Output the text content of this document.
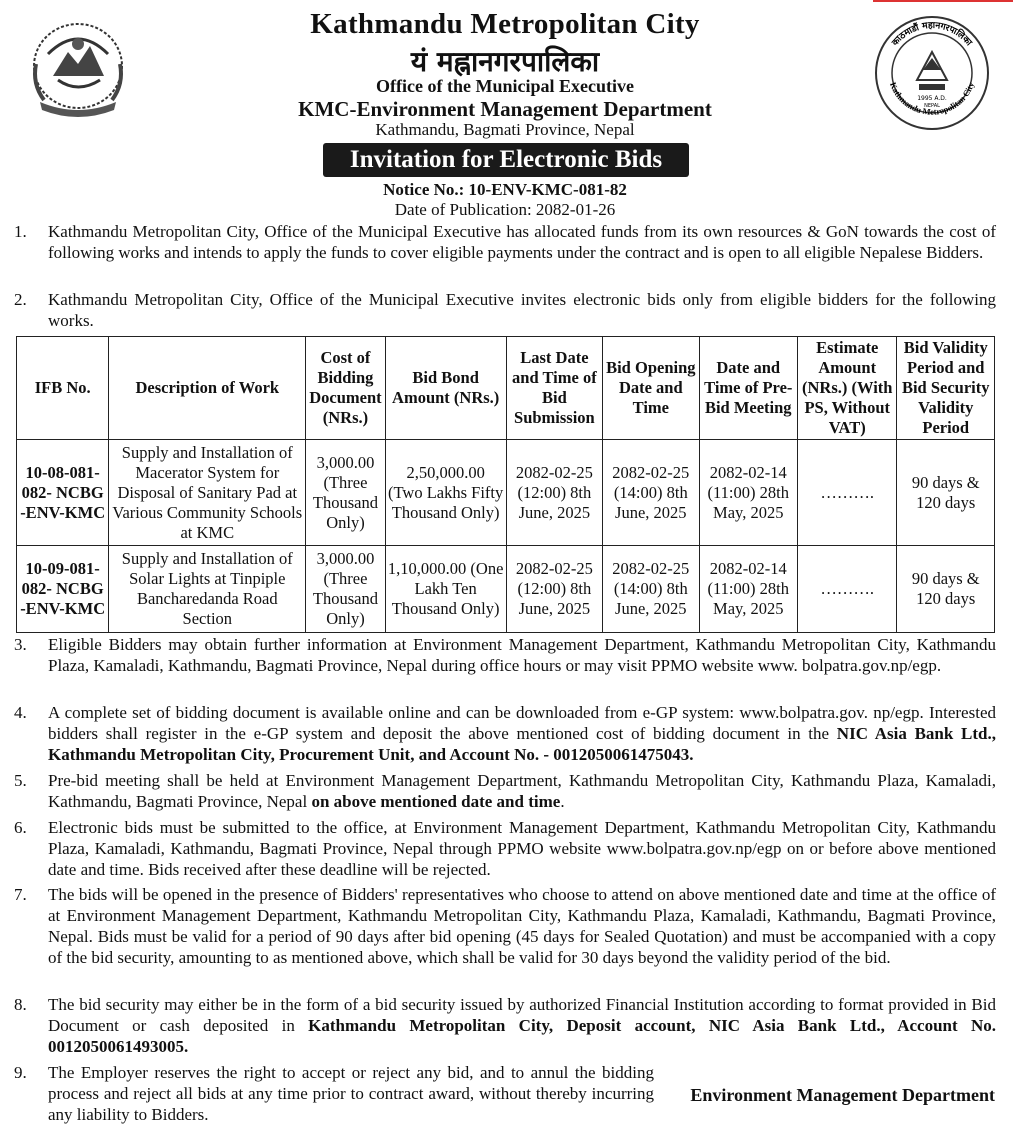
1995 A.D.
NEPAL
काठमाडौं महानगरपालिका
Kathmandu Metropolitan City
Kathmandu Metropolitan City
यं मह्नानगरपालिका
Office of the Municipal Executive
KMC-Environment Management Department
Kathmandu, Bagmati Province, Nepal
Invitation for Electronic Bids
Notice No.: 10-ENV-KMC-081-82
Date of Publication: 2082-01-26
1. Kathmandu Metropolitan City, Office of the Municipal Executive has allocated funds from its own resources & GoN towards the cost of following works and intends to apply the funds to cover eligible payments under the contract and is open to all eligible Nepalese Bidders.
2. Kathmandu Metropolitan City, Office of the Municipal Executive invites electronic bids only from eligible bidders for the following works.
IFB No.	Description of Work	Cost of Bidding Document (NRs.)	Bid Bond Amount (NRs.)	Last Date and Time of Bid Submission	Bid Opening Date and Time	Date and Time of Pre-Bid Meeting	Estimate Amount (NRs.) (With PS, Without VAT)	Bid Validity Period and Bid Security Validity Period
10-08-081-082- NCBG -ENV-KMC	Supply and Installation of Macerator System for Disposal of Sanitary Pad at Various Community Schools at KMC	3,000.00 (Three Thousand Only)	2,50,000.00 (Two Lakhs Fifty Thousand Only)	2082-02-25 (12:00) 8th June, 2025	2082-02-25 (14:00) 8th June, 2025	2082-02-14 (11:00) 28th May, 2025	……….	90 days & 120 days
10-09-081-082- NCBG -ENV-KMC	Supply and Installation of Solar Lights at Tinpiple Bancharedanda Road Section	3,000.00 (Three Thousand Only)	1,10,000.00 (One Lakh Ten Thousand Only)	2082-02-25 (12:00) 8th June, 2025	2082-02-25 (14:00) 8th June, 2025	2082-02-14 (11:00) 28th May, 2025	……….	90 days & 120 days
3. Eligible Bidders may obtain further information at Environment Management Department, Kathmandu Metropolitan City, Kathmandu Plaza, Kamaladi, Kathmandu, Bagmati Province, Nepal during office hours or may visit PPMO website www. bolpatra.gov.np/egp.
4. A complete set of bidding document is available online and can be downloaded from e-GP system: www.bolpatra.gov. np/egp. Interested bidders shall register in the e-GP system and deposit the above mentioned cost of bidding document in the NIC Asia Bank Ltd., Kathmandu Metropolitan City, Procurement Unit, and Account No. - 0012050061475043.
5. Pre-bid meeting shall be held at Environment Management Department, Kathmandu Metropolitan City, Kathmandu Plaza, Kamaladi, Kathmandu, Bagmati Province, Nepal on above mentioned date and time.
6. Electronic bids must be submitted to the office, at Environment Management Department, Kathmandu Metropolitan City, Kathmandu Plaza, Kamaladi, Kathmandu, Bagmati Province, Nepal through PPMO website www.bolpatra.gov.np/egp on or before above mentioned date and time. Bids received after these deadline will be rejected.
7. The bids will be opened in the presence of Bidders' representatives who choose to attend on above mentioned date and time at the office of at Environment Management Department, Kathmandu Metropolitan City, Kathmandu Plaza, Kamaladi, Kathmandu, Bagmati Province, Nepal. Bids must be valid for a period of 90 days after bid opening (45 days for Sealed Quotation) and must be accompanied with a copy of the bid security, amounting to as mentioned above, which shall be valid for 30 days beyond the validity period of the bid.
8. The bid security may either be in the form of a bid security issued by authorized Financial Institution according to format provided in Bid Document or cash deposited in Kathmandu Metropolitan City, Deposit account, NIC Asia Bank Ltd., Account No. 0012050061493005.
9. The Employer reserves the right to accept or reject any bid, and to annul the bidding process and reject all bids at any time prior to contract award, without thereby incurring any liability to Bidders.
Environment Management Department
